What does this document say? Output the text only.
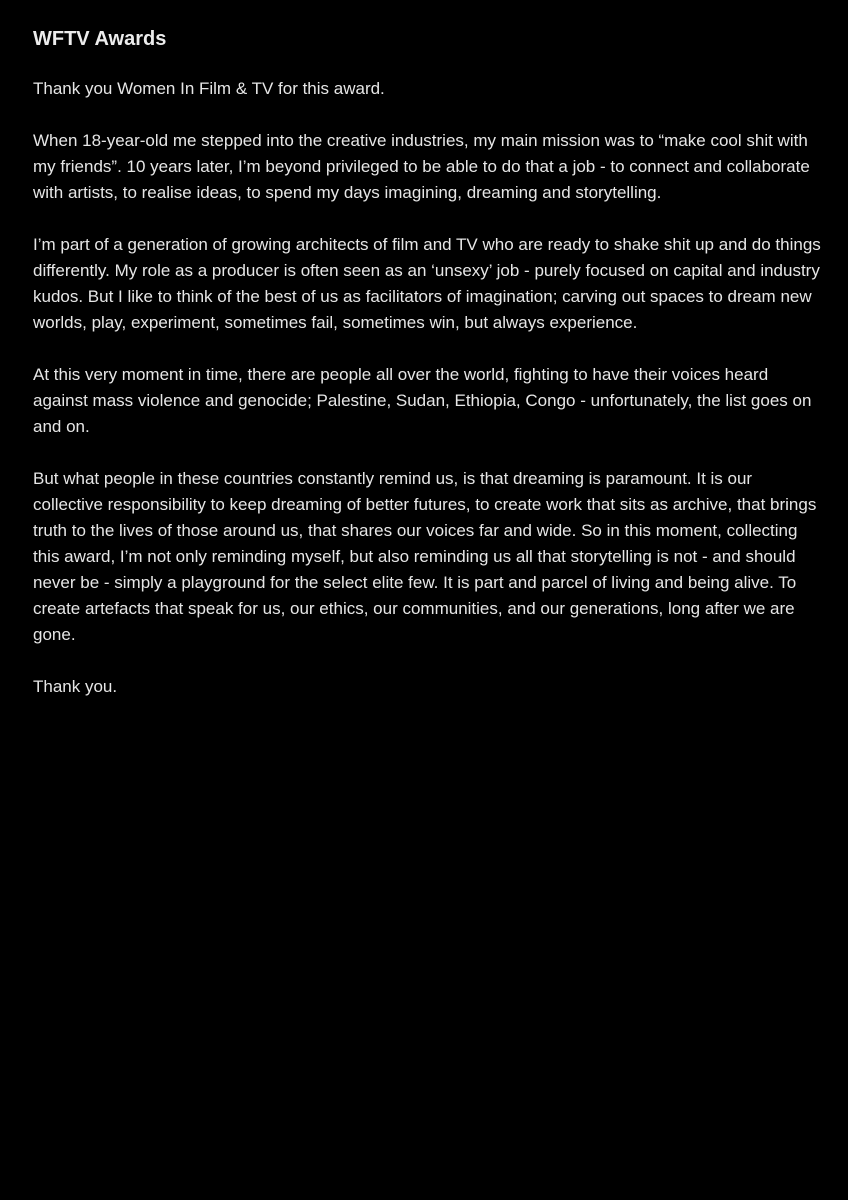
WFTV Awards

Thank you Women In Film & TV for this award.

When 18-year-old me stepped into the creative industries, my main mission was to “make cool shit with my friends”. 10 years later, I’m beyond privileged to be able to do that a job - to connect and collaborate with artists, to realise ideas, to spend my days imagining, dreaming and storytelling.

I’m part of a generation of growing architects of film and TV who are ready to shake shit up and do things differently. My role as a producer is often seen as an ‘unsexy’ job - purely focused on capital and industry kudos. But I like to think of the best of us as facilitators of imagination; carving out spaces to dream new worlds, play, experiment, sometimes fail, sometimes win, but always experience.

At this very moment in time, there are people all over the world, fighting to have their voices heard against mass violence and genocide; Palestine, Sudan, Ethiopia, Congo - unfortunately, the list goes on and on.

But what people in these countries constantly remind us, is that dreaming is paramount. It is our collective responsibility to keep dreaming of better futures, to create work that sits as archive, that brings truth to the lives of those around us, that shares our voices far and wide. So in this moment, collecting this award, I’m not only reminding myself, but also reminding us all that storytelling is not - and should never be - simply a playground for the select elite few. It is part and parcel of living and being alive. To create artefacts that speak for us, our ethics, our communities, and our generations, long after we are gone.

Thank you.
